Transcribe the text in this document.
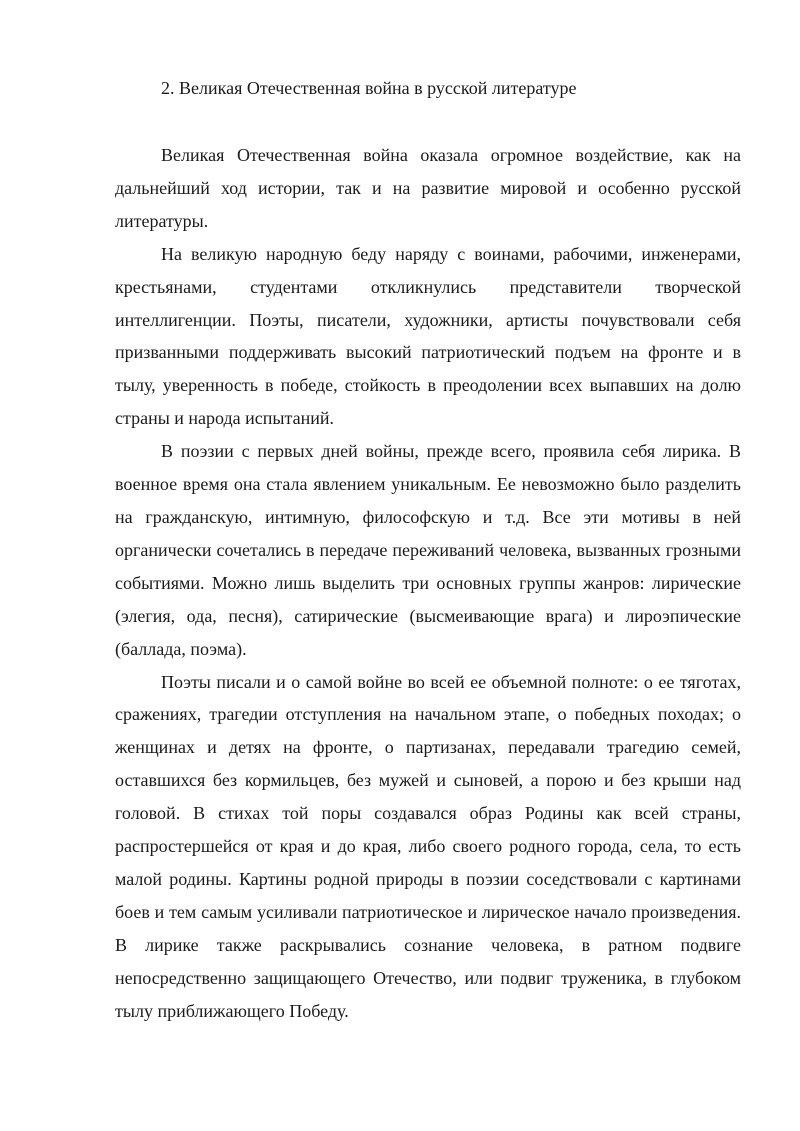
2. Великая Отечественная война в русской литературе

Великая Отечественная война оказала огромное воздействие, как на дальнейший ход истории, так и на развитие мировой и особенно русской литературы.

На великую народную беду наряду с воинами, рабочими, инженерами, крестьянами, студентами откликнулись представители творческой интеллигенции. Поэты, писатели, художники, артисты почувствовали себя призванными поддерживать высокий патриотический подъем на фронте и в тылу, уверенность в победе, стойкость в преодолении всех выпавших на долю страны и народа испытаний.

В поэзии с первых дней войны, прежде всего, проявила себя лирика. В военное время она стала явлением уникальным. Ее невозможно было разделить на гражданскую, интимную, философскую и т.д. Все эти мотивы в ней органически сочетались в передаче переживаний человека, вызванных грозными событиями. Можно лишь выделить три основных группы жанров: лирические (элегия, ода, песня), сатирические (высмеивающие врага) и лироэпические (баллада, поэма).

Поэты писали и о самой войне во всей ее объемной полноте: о ее тяготах, сражениях, трагедии отступления на начальном этапе, о победных походах; о женщинах и детях на фронте, о партизанах, передавали трагедию семей, оставшихся без кормильцев, без мужей и сыновей, а порою и без крыши над головой. В стихах той поры создавался образ Родины как всей страны, распростершейся от края и до края, либо своего родного города, села, то есть малой родины. Картины родной природы в поэзии соседствовали с картинами боев и тем самым усиливали патриотическое и лирическое начало произведения. В лирике также раскрывались сознание человека, в ратном подвиге непосредственно защищающего Отечество, или подвиг труженика, в глубоком тылу приближающего Победу.
